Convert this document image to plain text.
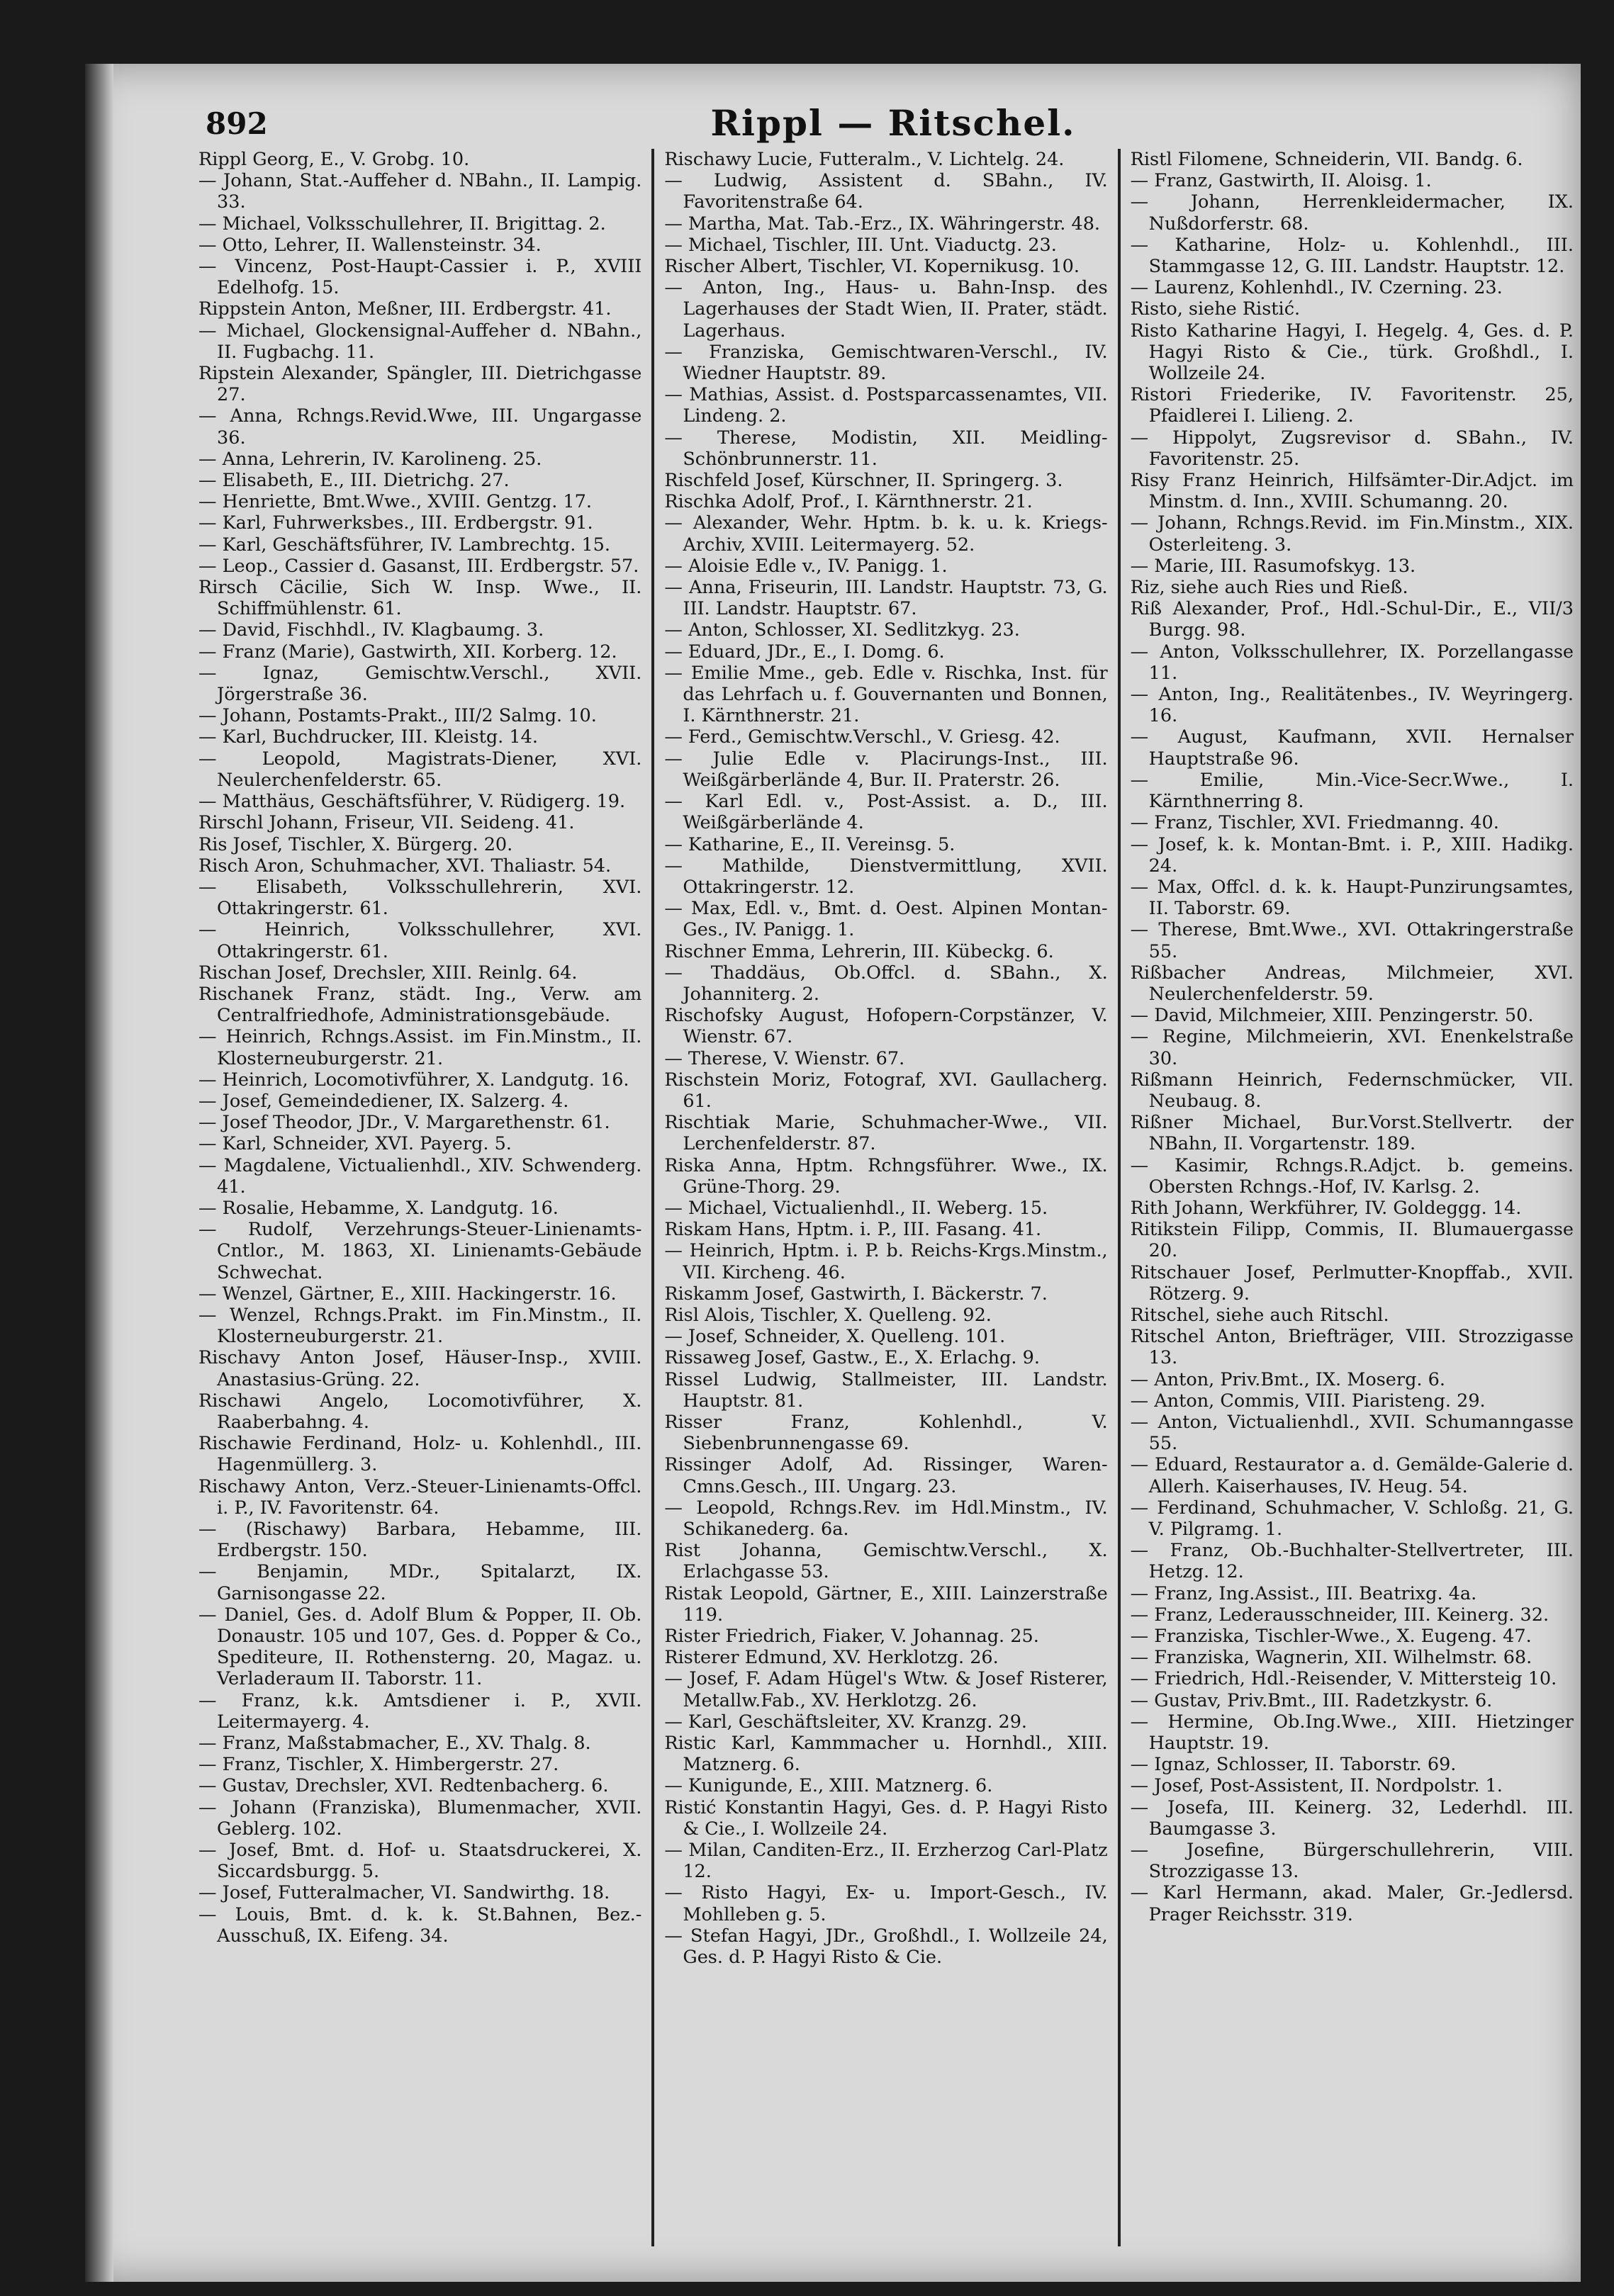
892	Rippl — Ritschel.

Rippl Georg, E., V. Grobg. 10.

— Johann, Stat.-Auffeher d. NBahn., II. Lampig. 33.

— Michael, Volksschullehrer, II. Brigittag. 2.

— Otto, Lehrer, II. Wallensteinstr. 34.

— Vincenz, Post-Haupt-Cassier i. P., XVIII Edelhofg. 15.

Rippstein Anton, Meßner, III. Erdbergstr. 41.

— Michael, Glockensignal-Auffeher d. NBahn., II. Fugbachg. 11.

Ripstein Alexander, Spängler, III. Dietrichgasse 27.

— Anna, Rchngs.Revid.Wwe, III. Ungargasse 36.

— Anna, Lehrerin, IV. Karolineng. 25.

— Elisabeth, E., III. Dietrichg. 27.

— Henriette, Bmt.Wwe., XVIII. Gentzg. 17.

— Karl, Fuhrwerksbes., III. Erdbergstr. 91.

— Karl, Geschäftsführer, IV. Lambrechtg. 15.

— Leop., Cassier d. Gasanst, III. Erdbergstr. 57.

Rirsch Cäcilie, Sich W. Insp. Wwe., II. Schiffmühlenstr. 61.

— David, Fischhdl., IV. Klagbaumg. 3.

— Franz (Marie), Gastwirth, XII. Korberg. 12.

— Ignaz, Gemischtw.Verschl., XVII. Jörgerstraße 36.

— Johann, Postamts-Prakt., III/2 Salmg. 10.

— Karl, Buchdrucker, III. Kleistg. 14.

— Leopold, Magistrats-Diener, XVI. Neulerchenfelderstr. 65.

— Matthäus, Geschäftsführer, V. Rüdigerg. 19.

Rirschl Johann, Friseur, VII. Seideng. 41.

Ris Josef, Tischler, X. Bürgerg. 20.

Risch Aron, Schuhmacher, XVI. Thaliastr. 54.

— Elisabeth, Volksschullehrerin, XVI. Ottakringerstr. 61.

— Heinrich, Volksschullehrer, XVI. Ottakringerstr. 61.

Rischan Josef, Drechsler, XIII. Reinlg. 64.

Rischanek Franz, städt. Ing., Verw. am Centralfriedhofe, Administrationsgebäude.

— Heinrich, Rchngs.Assist. im Fin.Minstm., II. Klosterneuburgerstr. 21.

— Heinrich, Locomotivführer, X. Landgutg. 16.

— Josef, Gemeindediener, IX. Salzerg. 4.

— Josef Theodor, JDr., V. Margarethenstr. 61.

— Karl, Schneider, XVI. Payerg. 5.

— Magdalene, Victualienhdl., XIV. Schwenderg. 41.

— Rosalie, Hebamme, X. Landgutg. 16.

— Rudolf, Verzehrungs-Steuer-Linienamts-Cntlor., M. 1863, XI. Linienamts-Gebäude Schwechat.

— Wenzel, Gärtner, E., XIII. Hackingerstr. 16.

— Wenzel, Rchngs.Prakt. im Fin.Minstm., II. Klosterneuburgerstr. 21.

Rischavy Anton Josef, Häuser-Insp., XVIII. Anastasius-Grüng. 22.

Rischawi Angelo, Locomotivführer, X. Raaberbahng. 4.

Rischawie Ferdinand, Holz- u. Kohlenhdl., III. Hagenmüllerg. 3.

Rischawy Anton, Verz.-Steuer-Linienamts-Offcl. i. P., IV. Favoritenstr. 64.

— (Rischawy) Barbara, Hebamme, III. Erdbergstr. 150.

— Benjamin, MDr., Spitalarzt, IX. Garnisongasse 22.

— Daniel, Ges. d. Adolf Blum & Popper, II. Ob. Donaustr. 105 und 107, Ges. d. Popper & Co., Spediteure, II. Rothensterng. 20, Magaz. u. Verladeraum II. Taborstr. 11.

— Franz, k.k. Amtsdiener i. P., XVII. Leitermayerg. 4.

— Franz, Maßstabmacher, E., XV. Thalg. 8.

— Franz, Tischler, X. Himbergerstr. 27.

— Gustav, Drechsler, XVI. Redtenbacherg. 6.

— Johann (Franziska), Blumenmacher, XVII. Geblerg. 102.

— Josef, Bmt. d. Hof- u. Staatsdruckerei, X. Siccardsburgg. 5.

— Josef, Futteralmacher, VI. Sandwirthg. 18.

— Louis, Bmt. d. k. k. St.Bahnen, Bez.-Ausschuß, IX. Eifeng. 34.

Rischawy Lucie, Futteralm., V. Lichtelg. 24.

— Ludwig, Assistent d. SBahn., IV. Favoritenstraße 64.

— Martha, Mat. Tab.-Erz., IX. Währingerstr. 48.

— Michael, Tischler, III. Unt. Viaductg. 23.

Rischer Albert, Tischler, VI. Kopernikusg. 10.

— Anton, Ing., Haus- u. Bahn-Insp. des Lagerhauses der Stadt Wien, II. Prater, städt. Lagerhaus.

— Franziska, Gemischtwaren-Verschl., IV. Wiedner Hauptstr. 89.

— Mathias, Assist. d. Postsparcassenamtes, VII. Lindeng. 2.

— Therese, Modistin, XII. Meidling-Schönbrunnerstr. 11.

Rischfeld Josef, Kürschner, II. Springerg. 3.

Rischka Adolf, Prof., I. Kärnthnerstr. 21.

— Alexander, Wehr. Hptm. b. k. u. k. Kriegs-Archiv, XVIII. Leitermayerg. 52.

— Aloisie Edle v., IV. Panigg. 1.

— Anna, Friseurin, III. Landstr. Hauptstr. 73, G. III. Landstr. Hauptstr. 67.

— Anton, Schlosser, XI. Sedlitzkyg. 23.

— Eduard, JDr., E., I. Domg. 6.

— Emilie Mme., geb. Edle v. Rischka, Inst. für das Lehrfach u. f. Gouvernanten und Bonnen, I. Kärnthnerstr. 21.

— Ferd., Gemischtw.Verschl., V. Griesg. 42.

— Julie Edle v. Placirungs-Inst., III. Weißgärberlände 4, Bur. II. Praterstr. 26.

— Karl Edl. v., Post-Assist. a. D., III. Weißgärberlände 4.

— Katharine, E., II. Vereinsg. 5.

— Mathilde, Dienstvermittlung, XVII. Ottakringerstr. 12.

— Max, Edl. v., Bmt. d. Oest. Alpinen Montan-Ges., IV. Panigg. 1.

Rischner Emma, Lehrerin, III. Kübeckg. 6.

— Thaddäus, Ob.Offcl. d. SBahn., X. Johanniterg. 2.

Rischofsky August, Hofopern-Corpstänzer, V. Wienstr. 67.

— Therese, V. Wienstr. 67.

Rischstein Moriz, Fotograf, XVI. Gaullacherg. 61.

Rischtiak Marie, Schuhmacher-Wwe., VII. Lerchenfelderstr. 87.

Riska Anna, Hptm. Rchngsführer. Wwe., IX. Grüne-Thorg. 29.

— Michael, Victualienhdl., II. Weberg. 15.

Riskam Hans, Hptm. i. P., III. Fasang. 41.

— Heinrich, Hptm. i. P. b. Reichs-Krgs.Minstm., VII. Kircheng. 46.

Riskamm Josef, Gastwirth, I. Bäckerstr. 7.

Risl Alois, Tischler, X. Quelleng. 92.

— Josef, Schneider, X. Quelleng. 101.

Rissaweg Josef, Gastw., E., X. Erlachg. 9.

Rissel Ludwig, Stallmeister, III. Landstr. Hauptstr. 81.

Risser Franz, Kohlenhdl., V. Siebenbrunnengasse 69.

Rissinger Adolf, Ad. Rissinger, Waren-Cmns.Gesch., III. Ungarg. 23.

— Leopold, Rchngs.Rev. im Hdl.Minstm., IV. Schikanederg. 6a.

Rist Johanna, Gemischtw.Verschl., X. Erlachgasse 53.

Ristak Leopold, Gärtner, E., XIII. Lainzerstraße 119.

Rister Friedrich, Fiaker, V. Johannag. 25.

Risterer Edmund, XV. Herklotzg. 26.

— Josef, F. Adam Hügel's Wtw. & Josef Risterer, Metallw.Fab., XV. Herklotzg. 26.

— Karl, Geschäftsleiter, XV. Kranzg. 29.

Ristic Karl, Kammmacher u. Hornhdl., XIII. Matznerg. 6.

— Kunigunde, E., XIII. Matznerg. 6.

Ristić Konstantin Hagyi, Ges. d. P. Hagyi Risto & Cie., I. Wollzeile 24.

— Milan, Canditen-Erz., II. Erzherzog Carl-Platz 12.

— Risto Hagyi, Ex- u. Import-Gesch., IV. Mohlleben g. 5.

— Stefan Hagyi, JDr., Großhdl., I. Wollzeile 24, Ges. d. P. Hagyi Risto & Cie.

Ristl Filomene, Schneiderin, VII. Bandg. 6.

— Franz, Gastwirth, II. Aloisg. 1.

— Johann, Herrenkleidermacher, IX. Nußdorferstr. 68.

— Katharine, Holz- u. Kohlenhdl., III. Stammgasse 12, G. III. Landstr. Hauptstr. 12.

— Laurenz, Kohlenhdl., IV. Czerning. 23.

Risto, siehe Ristić.

Risto Katharine Hagyi, I. Hegelg. 4, Ges. d. P. Hagyi Risto & Cie., türk. Großhdl., I. Wollzeile 24.

Ristori Friederike, IV. Favoritenstr. 25, Pfaidlerei I. Lilieng. 2.

— Hippolyt, Zugsrevisor d. SBahn., IV. Favoritenstr. 25.

Risy Franz Heinrich, Hilfsämter-Dir.Adjct. im Minstm. d. Inn., XVIII. Schumanng. 20.

— Johann, Rchngs.Revid. im Fin.Minstm., XIX. Osterleiteng. 3.

— Marie, III. Rasumofskyg. 13.

Riz, siehe auch Ries und Rieß.

Riß Alexander, Prof., Hdl.-Schul-Dir., E., VII/3 Burgg. 98.

— Anton, Volksschullehrer, IX. Porzellangasse 11.

— Anton, Ing., Realitätenbes., IV. Weyringerg. 16.

— August, Kaufmann, XVII. Hernalser Hauptstraße 96.

— Emilie, Min.-Vice-Secr.Wwe., I. Kärnthnerring 8.

— Franz, Tischler, XVI. Friedmanng. 40.

— Josef, k. k. Montan-Bmt. i. P., XIII. Hadikg. 24.

— Max, Offcl. d. k. k. Haupt-Punzirungsamtes, II. Taborstr. 69.

— Therese, Bmt.Wwe., XVI. Ottakringerstraße 55.

Rißbacher Andreas, Milchmeier, XVI. Neulerchenfelderstr. 59.

— David, Milchmeier, XIII. Penzingerstr. 50.

— Regine, Milchmeierin, XVI. Enenkelstraße 30.

Rißmann Heinrich, Federnschmücker, VII. Neubaug. 8.

Rißner Michael, Bur.Vorst.Stellvertr. der NBahn, II. Vorgartenstr. 189.

— Kasimir, Rchngs.R.Adjct. b. gemeins. Obersten Rchngs.-Hof, IV. Karlsg. 2.

Rith Johann, Werkführer, IV. Goldeggg. 14.

Ritikstein Filipp, Commis, II. Blumauergasse 20.

Ritschauer Josef, Perlmutter-Knopffab., XVII. Rötzerg. 9.

Ritschel, siehe auch Ritschl.

Ritschel Anton, Briefträger, VIII. Strozzigasse 13.

— Anton, Priv.Bmt., IX. Moserg. 6.

— Anton, Commis, VIII. Piaristeng. 29.

— Anton, Victualienhdl., XVII. Schumanngasse 55.

— Eduard, Restaurator a. d. Gemälde-Galerie d. Allerh. Kaiserhauses, IV. Heug. 54.

— Ferdinand, Schuhmacher, V. Schloßg. 21, G. V. Pilgramg. 1.

— Franz, Ob.-Buchhalter-Stellvertreter, III. Hetzg. 12.

— Franz, Ing.Assist., III. Beatrixg. 4a.

— Franz, Lederausschneider, III. Keinerg. 32.

— Franziska, Tischler-Wwe., X. Eugeng. 47.

— Franziska, Wagnerin, XII. Wilhelmstr. 68.

— Friedrich, Hdl.-Reisender, V. Mittersteig 10.

— Gustav, Priv.Bmt., III. Radetzkystr. 6.

— Hermine, Ob.Ing.Wwe., XIII. Hietzinger Hauptstr. 19.

— Ignaz, Schlosser, II. Taborstr. 69.

— Josef, Post-Assistent, II. Nordpolstr. 1.

— Josefa, III. Keinerg. 32, Lederhdl. III. Baumgasse 3.

— Josefine, Bürgerschullehrerin, VIII. Strozzigasse 13.

— Karl Hermann, akad. Maler, Gr.-Jedlersd. Prager Reichsstr. 319.
